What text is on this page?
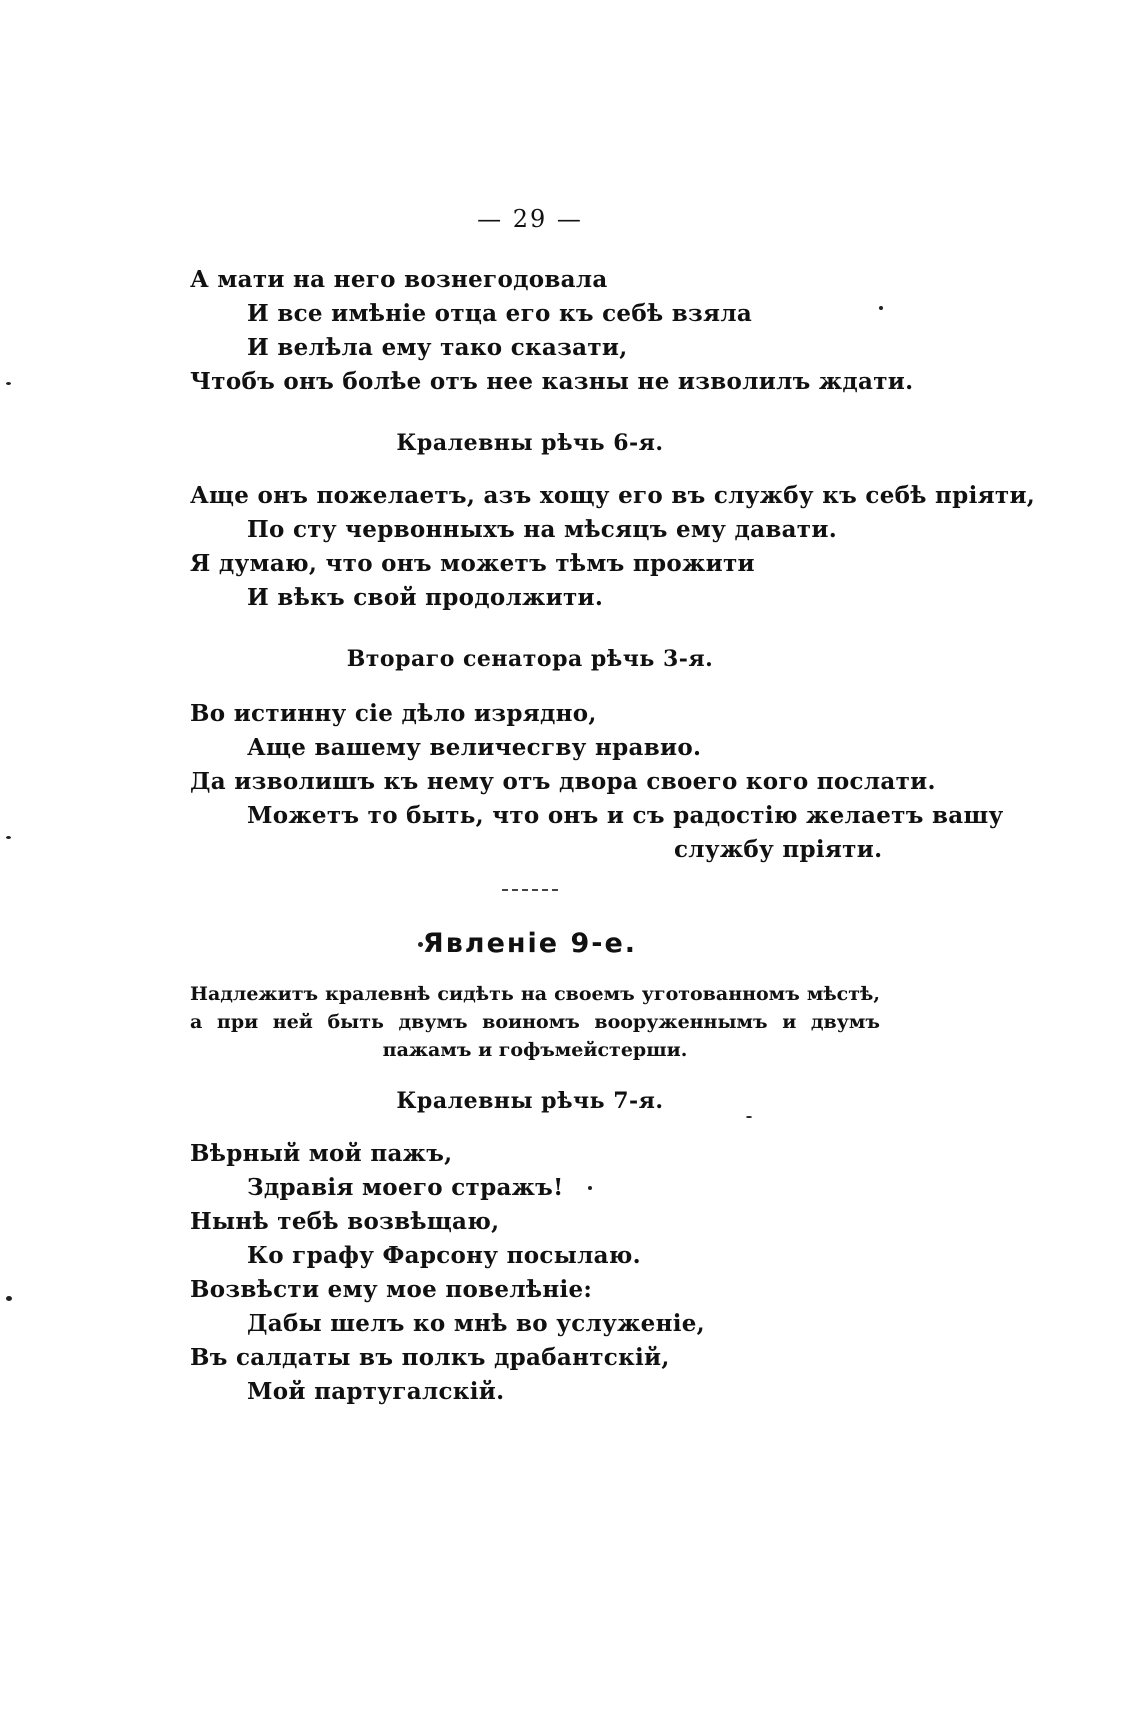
— 29 —
А мати на него вознегодовала
И все имѣніе отца его къ себѣ взяла
И велѣла ему тако сказати,
Чтобъ онъ болѣе отъ нее казны не изволилъ ждати.
Кралевны рѣчь 6-я.
Аще онъ пожелаетъ, азъ хощу его въ службу къ себѣ пріяти,
По сту червонныхъ на мѣсяцъ ему давати.
Я думаю, что онъ можетъ тѣмъ прожити
И вѣкъ свой продолжити.
Втораго сенатора рѣчь 3-я.
Во истинну сіе дѣло изрядно,
Аще вашему величесгву нравио.
Да изволишъ къ нему отъ двора своего кого послати.
Можетъ то быть, что онъ и съ радостію желаетъ вашу
службу пріяти.
Явленіе 9-е.
Надлежитъ кралевнѣ сидѣть на своемъ уготованномъ мѣстѣ, а при ней быть двумъ воиномъ вооруженнымъ и двумъ пажамъ и гофъмейстерши.
Кралевны рѣчь 7-я.
Вѣрный мой пажъ,
Здравія моего стражъ!
Нынѣ тебѣ возвѣщаю,
Ко графу Фарсону посылаю.
Возвѣсти ему мое повелѣніе:
Дабы шелъ ко мнѣ во услуженіе,
Въ салдаты въ полкъ драбантскій,
Мой партугалскій.
